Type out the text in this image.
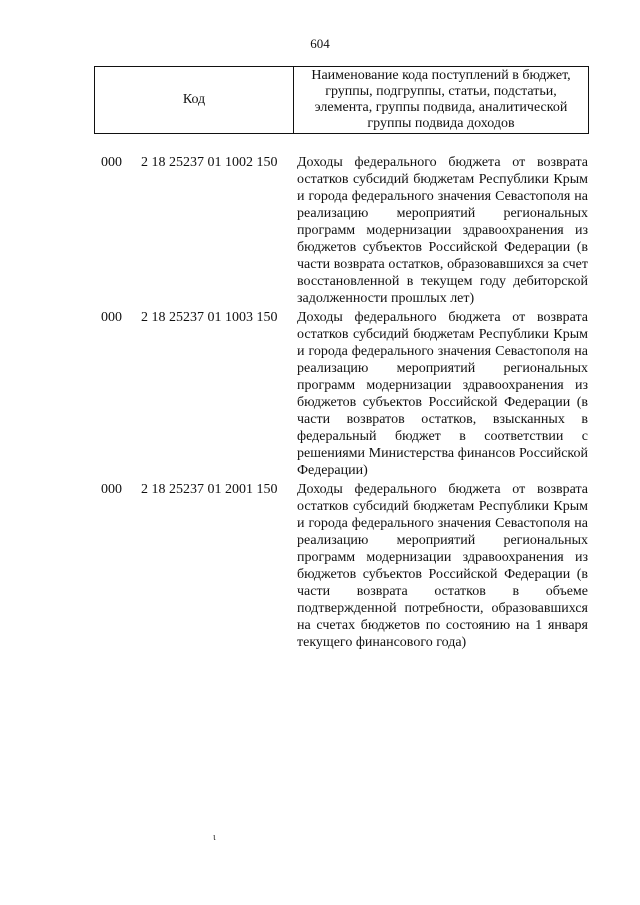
604
Код
Наименование кода поступлений в бюджет, группы, подгруппы, статьи, подстатьи, элемента, группы подвида, аналитической группы подвида доходов
000 2 18 25237 01 1002 150 Доходы федерального бюджета от возврата остатков субсидий бюджетам Республики Крым и города федерального значения Севастополя на реализацию мероприятий региональных программ модернизации здравоохранения из бюджетов субъектов Российской Федерации (в части возврата остатков, образовавшихся за счет восстановленной в текущем году дебиторской задолженности прошлых лет)
000 2 18 25237 01 1003 150 Доходы федерального бюджета от возврата остатков субсидий бюджетам Республики Крым и города федерального значения Севастополя на реализацию мероприятий региональных программ модернизации здравоохранения из бюджетов субъектов Российской Федерации (в части возвратов остатков, взысканных в федеральный бюджет в соответствии с решениями Министерства финансов Российской Федерации)
000 2 18 25237 01 2001 150 Доходы федерального бюджета от возврата остатков субсидий бюджетам Республики Крым и города федерального значения Севастополя на реализацию мероприятий региональных программ модернизации здравоохранения из бюджетов субъектов Российской Федерации (в части возврата остатков в объеме подтвержденной потребности, образовавшихся на счетах бюджетов по состоянию на 1 января текущего финансового года)
ι
